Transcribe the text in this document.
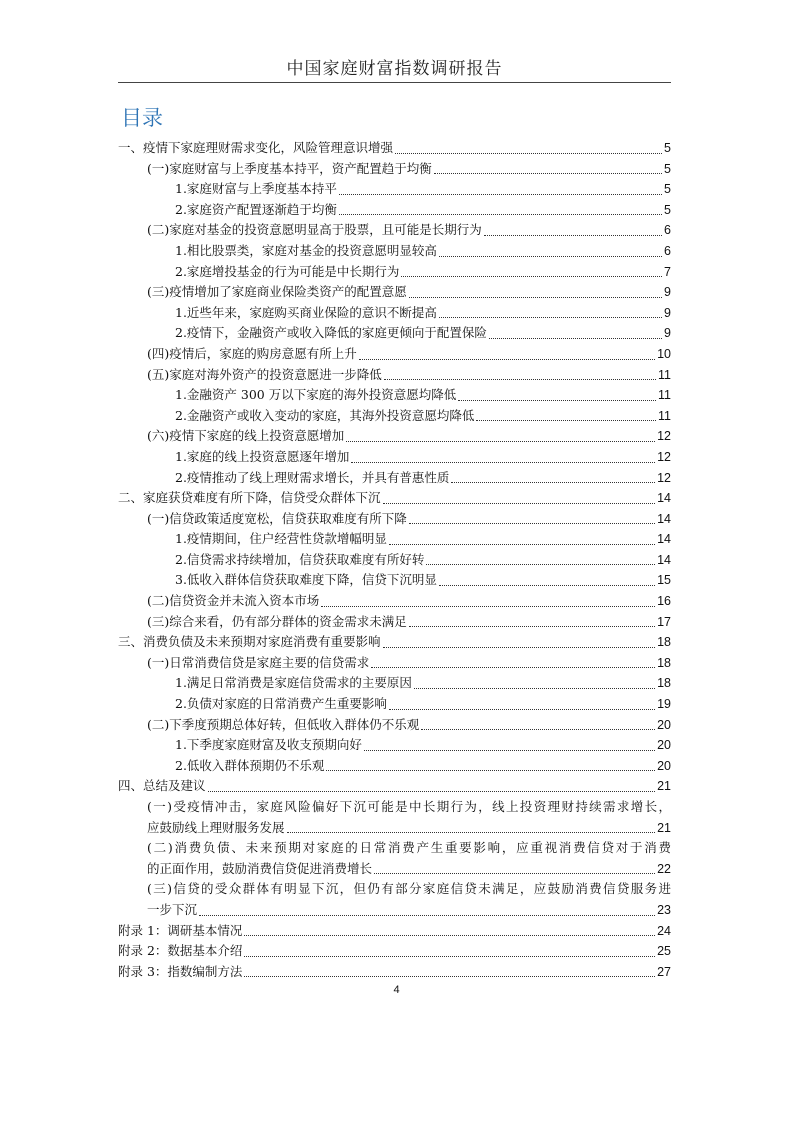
中国家庭财富指数调研报告
目录
一、疫情下家庭理财需求变化，风险管理意识增强	5
(一)家庭财富与上季度基本持平，资产配置趋于均衡	5
1.家庭财富与上季度基本持平	5
2.家庭资产配置逐渐趋于均衡	5
(二)家庭对基金的投资意愿明显高于股票，且可能是长期行为	6
1.相比股票类，家庭对基金的投资意愿明显较高	6
2.家庭增投基金的行为可能是中长期行为	7
(三)疫情增加了家庭商业保险类资产的配置意愿	9
1.近些年来，家庭购买商业保险的意识不断提高	9
2.疫情下，金融资产或收入降低的家庭更倾向于配置保险	9
(四)疫情后，家庭的购房意愿有所上升	10
(五)家庭对海外资产的投资意愿进一步降低	11
1.金融资产 300 万以下家庭的海外投资意愿均降低	11
2.金融资产或收入变动的家庭，其海外投资意愿均降低	11
(六)疫情下家庭的线上投资意愿增加	12
1.家庭的线上投资意愿逐年增加	12
2.疫情推动了线上理财需求增长，并具有普惠性质	12
二、家庭获贷难度有所下降，信贷受众群体下沉	14
(一)信贷政策适度宽松，信贷获取难度有所下降	14
1.疫情期间，住户经营性贷款增幅明显	14
2.信贷需求持续增加，信贷获取难度有所好转	14
3.低收入群体信贷获取难度下降，信贷下沉明显	15
(二)信贷资金并未流入资本市场	16
(三)综合来看，仍有部分群体的资金需求未满足	17
三、消费负债及未来预期对家庭消费有重要影响	18
(一)日常消费信贷是家庭主要的信贷需求	18
1.满足日常消费是家庭信贷需求的主要原因	18
2.负债对家庭的日常消费产生重要影响	19
(二)下季度预期总体好转，但低收入群体仍不乐观	20
1.下季度家庭财富及收支预期向好	20
2.低收入群体预期仍不乐观	20
四、总结及建议	21
(一)受疫情冲击，家庭风险偏好下沉可能是中长期行为，线上投资理财持续需求增长，
应鼓励线上理财服务发展	21
(二)消费负债、未来预期对家庭的日常消费产生重要影响，应重视消费信贷对于消费
的正面作用，鼓励消费信贷促进消费增长	22
(三)信贷的受众群体有明显下沉，但仍有部分家庭信贷未满足，应鼓励消费信贷服务进
一步下沉	23
附录 1：调研基本情况	24
附录 2：数据基本介绍	25
附录 3：指数编制方法	27
4
